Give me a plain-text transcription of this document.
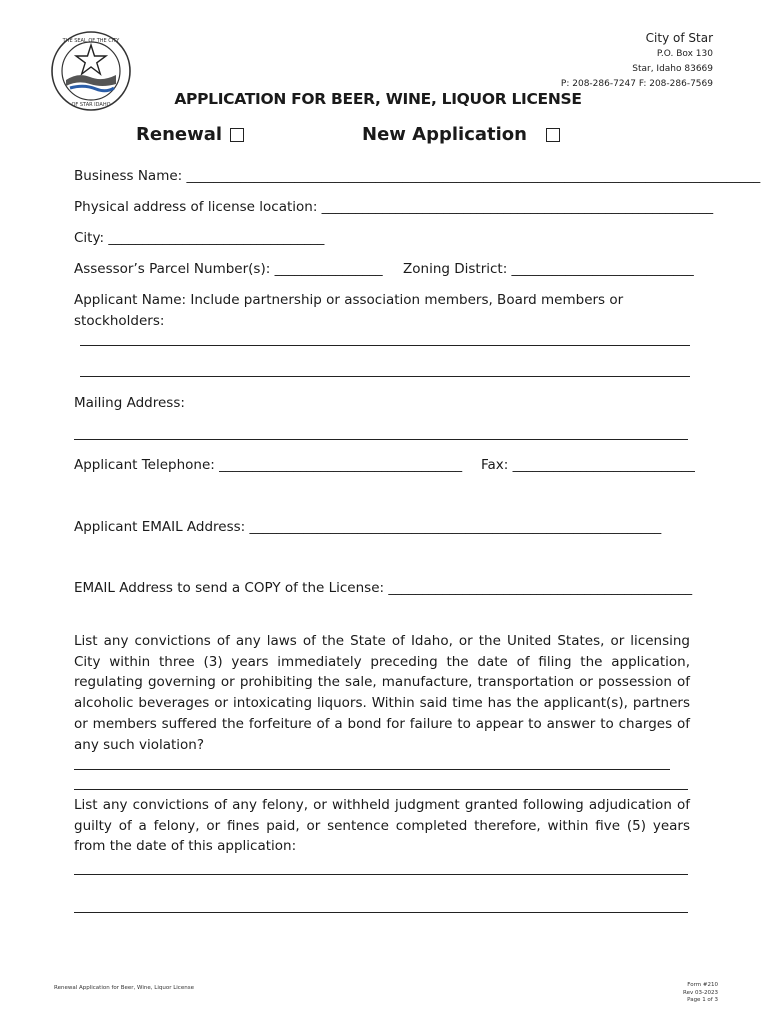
THE SEAL OF THE CITY
OF STAR IDAHO
City of Star
P.O. Box 130
Star, Idaho 83669
P: 208-286-7247 F: 208-286-7569
APPLICATION FOR BEER, WINE, LIQUOR LICENSE
Renewal	New Application
Business Name: _____________________________________________________________________________________
Physical address of license location: __________________________________________________________
City: ________________________________
Assessor’s Parcel Number(s): ________________ Zoning District: ___________________________
Applicant Name: Include partnership or association members, Board members or
stockholders:
Mailing Address:
Applicant Telephone: ____________________________________ Fax: ___________________________
Applicant EMAIL Address: _____________________________________________________________
EMAIL Address to send a COPY of the License: _____________________________________________
List any convictions of any laws of the State of Idaho, or the United States, or licensing City within three (3) years immediately preceding the date of filing the application, regulating governing or prohibiting the sale, manufacture, transportation or possession of alcoholic beverages or intoxicating liquors. Within said time has the applicant(s), partners or members suffered the forfeiture of a bond for failure to appear to answer to charges of any such violation?
List any convictions of any felony, or withheld judgment granted following adjudication of guilty of a felony, or fines paid, or sentence completed therefore, within five (5) years from the date of this application:
Renewal Application for Beer, Wine, Liquor License	Form #210
Rev 03-2023
Page 1 of 3
